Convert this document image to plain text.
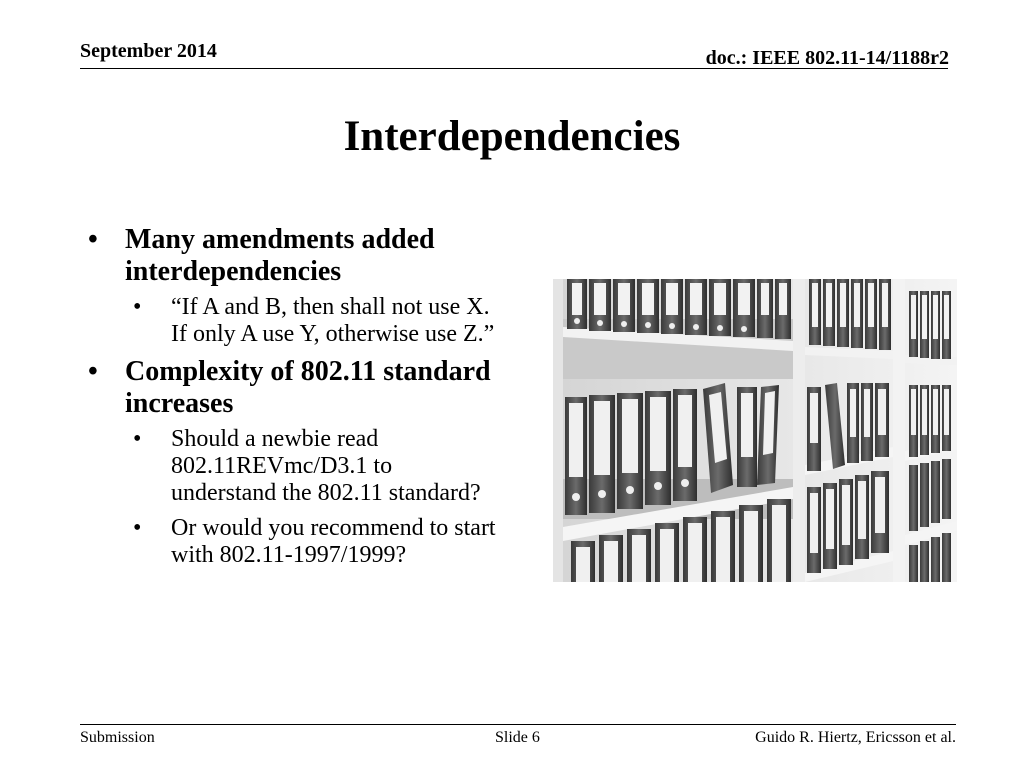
September 2014	doc.: IEEE 802.11-14/1188r2
Interdependencies
• Many amendments added interdependencies
• “If A and B, then shall not use X. If only A use Y, otherwise use Z.”
• Complexity of 802.11 standard increases
• Should a newbie read 802.11REVmc/D3.1 to understand the 802.11 standard?
• Or would you recommend to start with 802.11-1997/1999?
Submission	Slide 6	Guido R. Hiertz, Ericsson et al.
